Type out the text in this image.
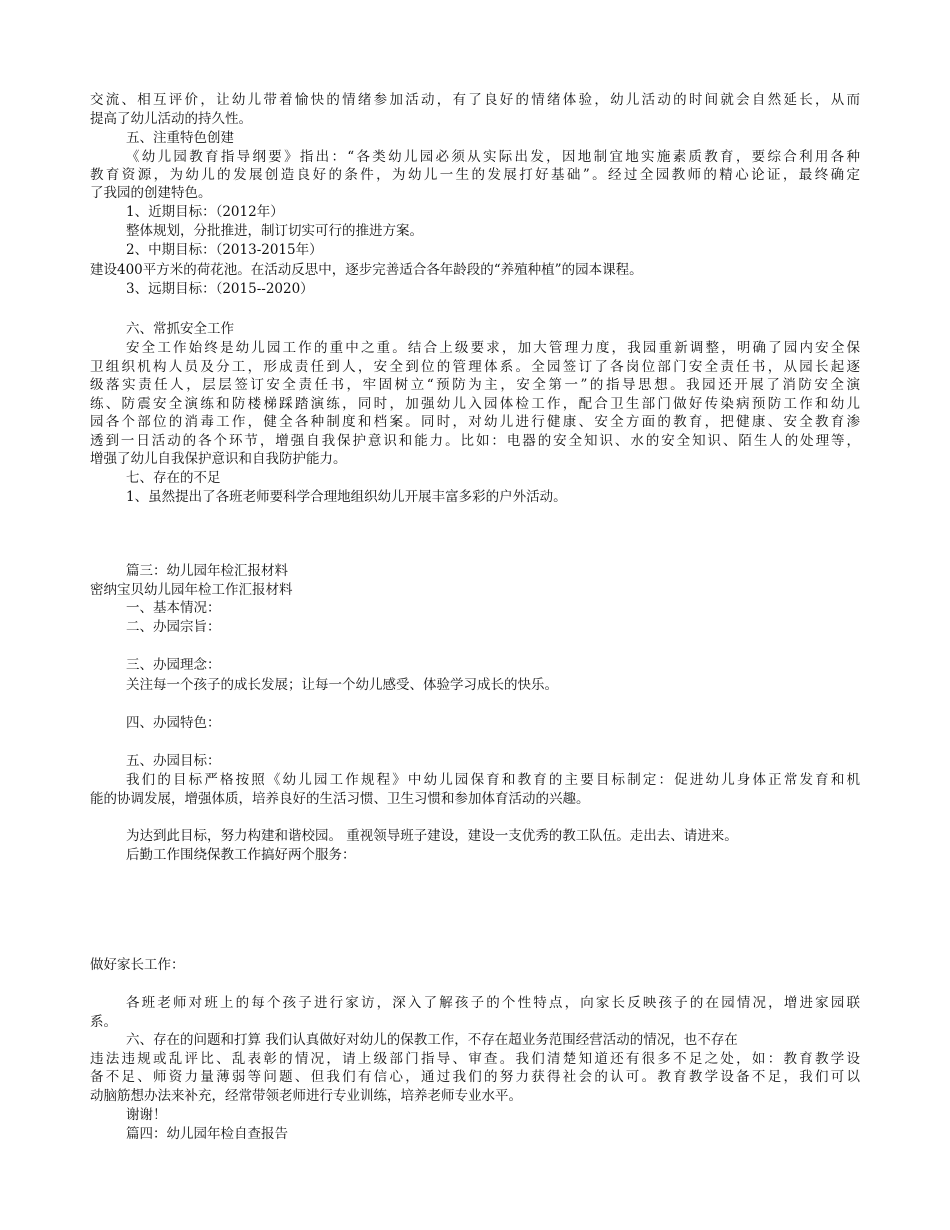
交流、相互评价，让幼儿带着愉快的情绪参加活动，有了良好的情绪体验，幼儿活动的时间就会自然延长，从而
提高了幼儿活动的持久性。
五、注重特色创建
《幼儿园教育指导纲要》指出：“各类幼儿园必须从实际出发，因地制宜地实施素质教育，要综合利用各种
教育资源，为幼儿的发展创造良好的条件，为幼儿一生的发展打好基础”。经过全园教师的精心论证，最终确定
了我园的创建特色。
1、近期目标：（2012年）
整体规划，分批推进，制订切实可行的推进方案。
2、中期目标：（2013-2015年）
建设400平方米的荷花池。在活动反思中，逐步完善适合各年龄段的“养殖种植”的园本课程。
3、远期目标：（2015--2020）
六、常抓安全工作
安全工作始终是幼儿园工作的重中之重。结合上级要求，加大管理力度，我园重新调整，明确了园内安全保
卫组织机构人员及分工，形成责任到人，安全到位的管理体系。全园签订了各岗位部门安全责任书，从园长起逐
级落实责任人，层层签订安全责任书，牢固树立“预防为主，安全第一”的指导思想。我园还开展了消防安全演
练、防震安全演练和防楼梯踩踏演练，同时，加强幼儿入园体检工作，配合卫生部门做好传染病预防工作和幼儿
园各个部位的消毒工作，健全各种制度和档案。同时，对幼儿进行健康、安全方面的教育，把健康、安全教育渗
透到一日活动的各个环节，增强自我保护意识和能力。比如：电器的安全知识、水的安全知识、陌生人的处理等，
增强了幼儿自我保护意识和自我防护能力。
七、存在的不足
1、虽然提出了各班老师要科学合理地组织幼儿开展丰富多彩的户外活动。
篇三：幼儿园年检汇报材料
密纳宝贝幼儿园年检工作汇报材料
一、基本情况：
二、办园宗旨：
三、办园理念：
关注每一个孩子的成长发展；让每一个幼儿感受、体验学习成长的快乐。
四、办园特色：
五、办园目标：
我们的目标严格按照《幼儿园工作规程》中幼儿园保育和教育的主要目标制定：促进幼儿身体正常发育和机
能的协调发展，增强体质，培养良好的生活习惯、卫生习惯和参加体育活动的兴趣。
为达到此目标，努力构建和谐校园。 重视领导班子建设，建设一支优秀的教工队伍。走出去、请进来。
后勤工作围绕保教工作搞好两个服务：
做好家长工作：
各班老师对班上的每个孩子进行家访，深入了解孩子的个性特点，向家长反映孩子的在园情况，增进家园联
系。
六、存在的问题和打算 我们认真做好对幼儿的保教工作，不存在超业务范围经营活动的情况，也不存在
违法违规或乱评比、乱表彰的情况，请上级部门指导、审查。我们清楚知道还有很多不足之处，如：教育教学设
备不足、师资力量薄弱等问题、但我们有信心，通过我们的努力获得社会的认可。教育教学设备不足，我们可以
动脑筋想办法来补充，经常带领老师进行专业训练，培养老师专业水平。
谢谢！
篇四：幼儿园年检自查报告
